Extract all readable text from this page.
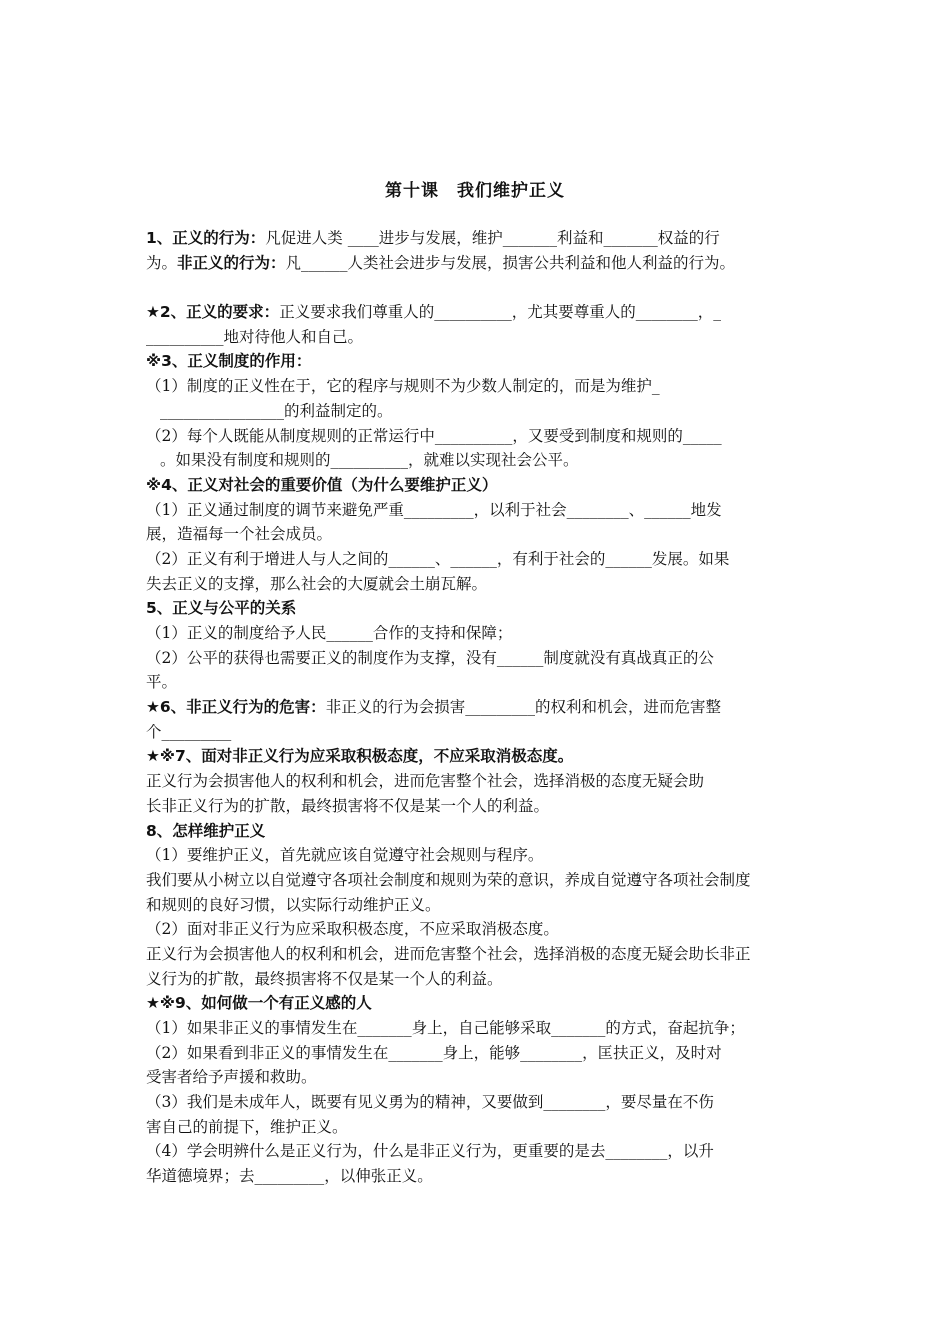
第十课　我们维护正义
1、正义的行为：凡促进人类 ____进步与发展，维护_______利益和_______权益的行
为。非正义的行为：凡______人类社会进步与发展，损害公共利益和他人利益的行为。
★2、正义的要求：正义要求我们尊重人的__________，尤其要尊重人的________，_
__________地对待他人和自己。
※3、正义制度的作用：
（1）制度的正义性在于，它的程序与规则不为少数人制定的，而是为维护_
________________的利益制定的。
（2）每个人既能从制度规则的正常运行中__________，又要受到制度和规则的_____
。如果没有制度和规则的__________，就难以实现社会公平。
※4、正义对社会的重要价值（为什么要维护正义）
（1）正义通过制度的调节来避免严重_________，以利于社会________、______地发
展，造福每一个社会成员。
（2）正义有利于增进人与人之间的______、______，有利于社会的______发展。如果
失去正义的支撑，那么社会的大厦就会土崩瓦解。
5、正义与公平的关系
（1）正义的制度给予人民______合作的支持和保障；
（2）公平的获得也需要正义的制度作为支撑，没有______制度就没有真战真正的公
平。
★6、非正义行为的危害：非正义的行为会损害_________的权利和机会，进而危害整
个_________
★※7、面对非正义行为应采取积极态度，不应采取消极态度。
正义行为会损害他人的权利和机会，进而危害整个社会，选择消极的态度无疑会助
长非正义行为的扩散，最终损害将不仅是某一个人的利益。
8、怎样维护正义
（1）要维护正义，首先就应该自觉遵守社会规则与程序。
我们要从小树立以自觉遵守各项社会制度和规则为荣的意识，养成自觉遵守各项社会制度
和规则的良好习惯，以实际行动维护正义。
（2）面对非正义行为应采取积极态度，不应采取消极态度。
正义行为会损害他人的权利和机会，进而危害整个社会，选择消极的态度无疑会助长非正
义行为的扩散，最终损害将不仅是某一个人的利益。
★※9、如何做一个有正义感的人
（1）如果非正义的事情发生在_______身上，自己能够采取_______的方式，奋起抗争；
（2）如果看到非正义的事情发生在_______身上，能够________，匡扶正义，及时对
受害者给予声援和救助。
（3）我们是未成年人，既要有见义勇为的精神，又要做到________，要尽量在不伤
害自己的前提下，维护正义。
（4）学会明辨什么是正义行为，什么是非正义行为，更重要的是去________，以升
华道德境界；去_________，以伸张正义。
